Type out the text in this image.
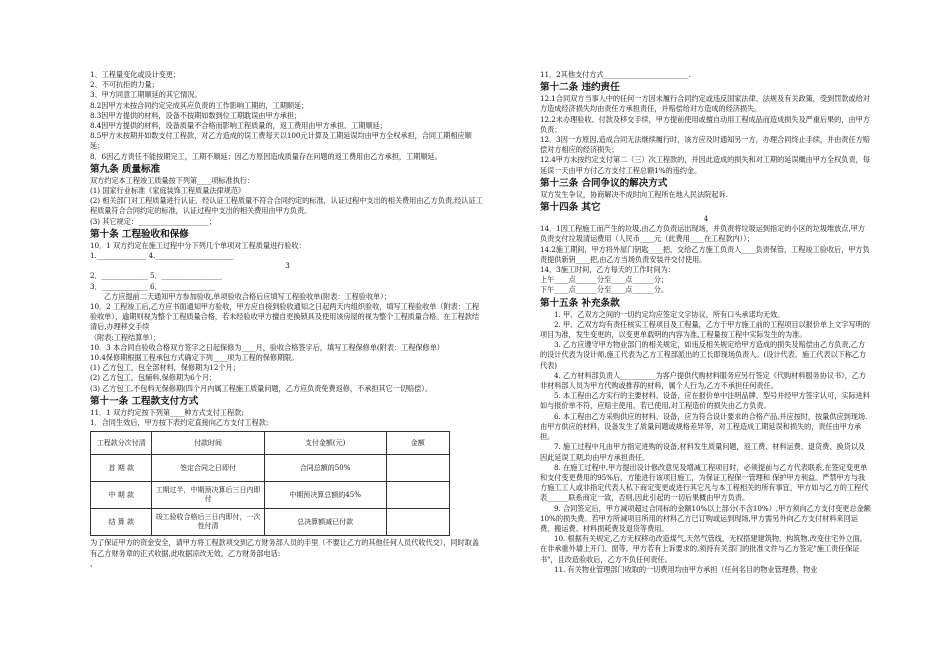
1、工程量变化或设计变更；

2、不可抗拒的力量；

3、甲方同意工期顺延的其它情况。

8.2因甲方未按合同约定完成其应负责的工作影响工期的，工期顺延；

8.3因甲方提供的材料，设备不按期如数到位工期耽误由甲方承担；

8.4因甲方提供的材料，设备质量不合格而影响工程质量的，返工费用由甲方承担，工期顺延；

8.5甲方未按期并如数支付工程款，对乙方造成的误工费每天以100元计算及工期延误均由甲方全权承担，合同工期相应顺延；

8．6因乙方责任不能按期完工，工期不顺延；因乙方原因造成质量存在问题的返工费用由乙方承担，工期顺延。

第九条 质量标准

双方约定本工程竣工质量按下列第____项标准执行：

(1) 国家行业标准《家庭装饰工程质量法律规范》

(2) 相关部门对工程质量进行认证，经认证工程质量不符合合同约定的标准，认证过程中支出的相关费用由乙方负责,经认证工程质量符合合同约定的标准，认证过程中支出的相关费用由甲方负责。

(3) 其它规定：____________________；

第十条 工程验收和保修

10．1 双方约定在施工过程中分下列几个单项对工程质量进行验收：

1.______________ 4.______________________

3

2．_____________ 5．_________________

3．_____________ 6．_______________

乙方应提前二天通知甲方参加验收,单项验收合格后应填写工程验收单(附表：工程验收单）；

10．2 工程竣工后,乙方应书面通知甲方验收，甲方应自接到验收通知之日起两天内组织验收，填写工程验收单（附表：工程验收单），逾期则视为整个工程质量合格，若未经验收甲方擅自更换锁具及使用该房屋的视为整个工程质量合格。在工程款结清后,办理移交手续

（附表:工程结算单）；

10．3 本合同自验收合格双方签字之日起保修为____月，验收合格签字后，填写工程保修单(附表：工程保修单）

10.4保修期根据工程承包方式确定下列____项为工程的保修期限。

(1) 乙方包工，包全部材料，保修期为12个月；

(2) 乙方包工，包辅料,保修期为6个月；

(3) 乙方包工,不包料无保修期(四个月内属工程施工质量问题，乙方应负责免费返修，不承担其它一切赔偿）。

第十一条 工程款支付方式

11．1 双方约定按下列第____种方式支付工程款;

1．合同生效后，甲方按下表约定直接向乙方支付工程款:

工程款分次付清	付款时间	支付金额(元)	金额
首 期 款	签定合同之日即付	合同总额的50%	
中 期 款	工期过半，中期预决算后三日内即付	中期预决算总额的45%	
结 算 款	竣工验收合格后三日内即付，一次性付清	总决算额减已付款	

为了保证甲方的资金安全，请甲方将工程款项交到乙方财务部人员的手里（不要让乙方的其他任何人员代收代交），同时取盖有乙方财务章的正式收据,此收据凉改无效。乙方财务部电话:

、

11．2其他支付方式________________________.

第十二条 违约责任

12.1合同双方当事人中的任何一方因未履行合同约定或违反国家法律、法规及有关政策，受到罚款或给对方造成经济损失均由责任方承担责任，并赔偿给对方造成的经济损失。

12.2未办理验收、付款及移交手续，甲方提前使用或擅自动用工程成品而造成损失及严重后果的，由甲方负责；

12．3因一方原因,造成合同无法继续履行时，该方应及时通知另一方，办理合同终止手续，并由责任方赔偿对方相应的经济损失；

12.4甲方未按约定支付第二（三）次工程款的，并因此造成的损失和对工期的延误概由甲方全权负责，每延误一天由甲方付乙方支付工程总额1%的违约金。

第十三条 合同争议的解决方式

双方发生争议，协商解决不成时向工程所在地人民法院起诉.

第十四条 其它

4

14．1因工程施工而产生的垃圾,由乙方负责运出现场，并负责将垃圾运到指定的小区的垃圾堆放点,甲方负责支付垃圾清运费用（人民币____元（此费用____在工程款内））；

14.2施工期间，甲方将外屋门钥匙____把，交给乙方施工负责人____负责保管，工程竣工验收后，甲方负责提供新钥____把,由乙方当场负责安装并交付使用。

14．3施工时间，乙方每天的工作时间为：

上午____点______分至____点______分；

下午____点______分至____点______分。

第十五条 补充条款

1. 甲、乙双方之间的一切约定均应签定文字协议，所有口头承诺均无效。

2. 甲、乙双方均有责任核实工程项目及工程量，乙方于甲方施工前的工程项目以报价单上文字写明的项目为准，发生变更的，以变更单载明的内容为准,工程量按工程中实际发生的为准。

3. 乙方应遵守甲方物业部门的相关规定，如违反相关规定给甲方造成的损失及赔偿由乙方负责,乙方的设计代表为设计师,施工代表为乙方工程部派出的工长即现场负责人。(设计代表、施工代表以下称乙方代表)

4. 乙方材料部负责人__________为客户提供代购材料服务应另行签定《代购材料服务协议书》，乙方非材料部人员为甲方代购或推荐的材料，属个人行为,乙方不承担任何责任。

5. 本工程由乙方实行的主要材料、设备，应在报价单中注明品牌、型号并经甲方签字认可，实际进料如与报价单不符，应赔主使用。若已使用,对工程造价的损失由乙方负责。

6. 本工程由乙方采购供应的材料、设备，应为符合设计要求的合格产品,并应按时，按量供应到现场.由甲方供应的材料，设备发生了质量问题或规格差异等，对工程造成工期延误和损失的，责任由甲方承担。

7. 施工过程中凡由甲方指定进购的设备,材料发生质量问题，返工费、材料运费、退货费、换货以及因此延误工期,均由甲方承担责任。

8. 在施工过程中,甲方提出设计修改意见及增减工程项目时，必须提前与乙方代表联系,在签定变更单和支付变更费用的95%后，方能进行该项目施工，为保证工程保一管理和 保护甲方利益。严禁甲方与我方施工工人或非指定代表人私下商定变更或进行其它凡与本工程相关的所有事宜，甲方如与乙方的工程代表______联系商定一致，否则,因此引起的一切后果概由甲方负责。

9. 合同签定后，甲方减项超过合同标的金额10%以上部分(不含10%）,甲方须向乙方支付变更总金额10%的损失费。若甲方所减项目所用的材料乙方已订购或运到现场,甲方需另外向乙方支付材料来回运费、搬运费、材料损耗费及退货等费用。

10. 根据有关规定,乙方无权移动改造煤气,天然气管线，无权搭建建筑物、构筑物,改变住宅外立面，在非承重外墙上开门、窗等。甲方若有上诉要求的,须持有关部门的批准文件与乙方签定"施工责任保证书"，且改造验收后，乙方不负任何责任。

11. 有关物业管理部门收取的一切费用均由甲方承担（任何名目的物业管理费、物业
